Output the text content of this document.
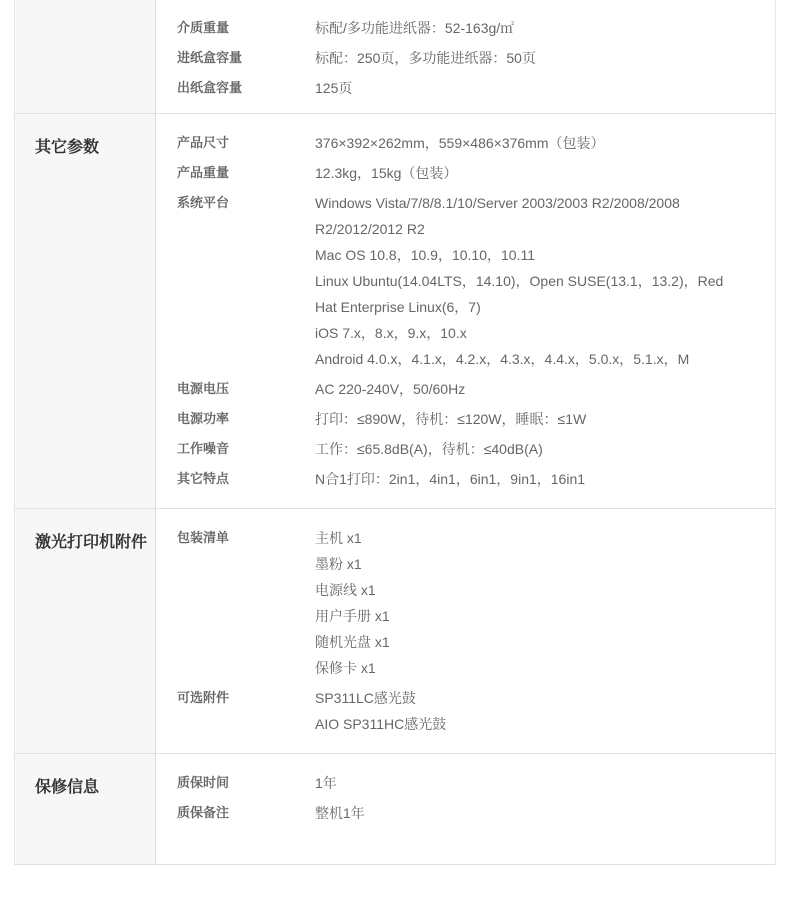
介质重量	标配/多功能进纸器：52-163g/㎡
进纸盒容量	标配：250页，多功能进纸器：50页
出纸盒容量	125页
其它参数	产品尺寸	376×392×262mm，559×486×376mm（包装）
产品重量	12.3kg，15kg（包装）
系统平台	Windows Vista/7/8/8.1/10/Server 2003/2003 R2/2008/2008 R2/2012/2012 R2
Mac OS 10.8，10.9，10.10，10.11
Linux Ubuntu(14.04LTS，14.10)，Open SUSE(13.1，13.2)，Red Hat Enterprise Linux(6，7)
iOS 7.x，8.x，9.x，10.x
Android 4.0.x，4.1.x，4.2.x，4.3.x，4.4.x，5.0.x，5.1.x，M
电源电压	AC 220-240V，50/60Hz
电源功率	打印：≤890W，待机：≤120W，睡眠：≤1W
工作噪音	工作：≤65.8dB(A)，待机：≤40dB(A)
其它特点	N合1打印：2in1，4in1，6in1，9in1，16in1
激光打印机附件	包装清单	主机 x1
墨粉 x1
电源线 x1
用户手册 x1
随机光盘 x1
保修卡 x1
可选附件	SP311LC感光鼓
AIO SP311HC感光鼓
保修信息	质保时间	1年
质保备注	整机1年
